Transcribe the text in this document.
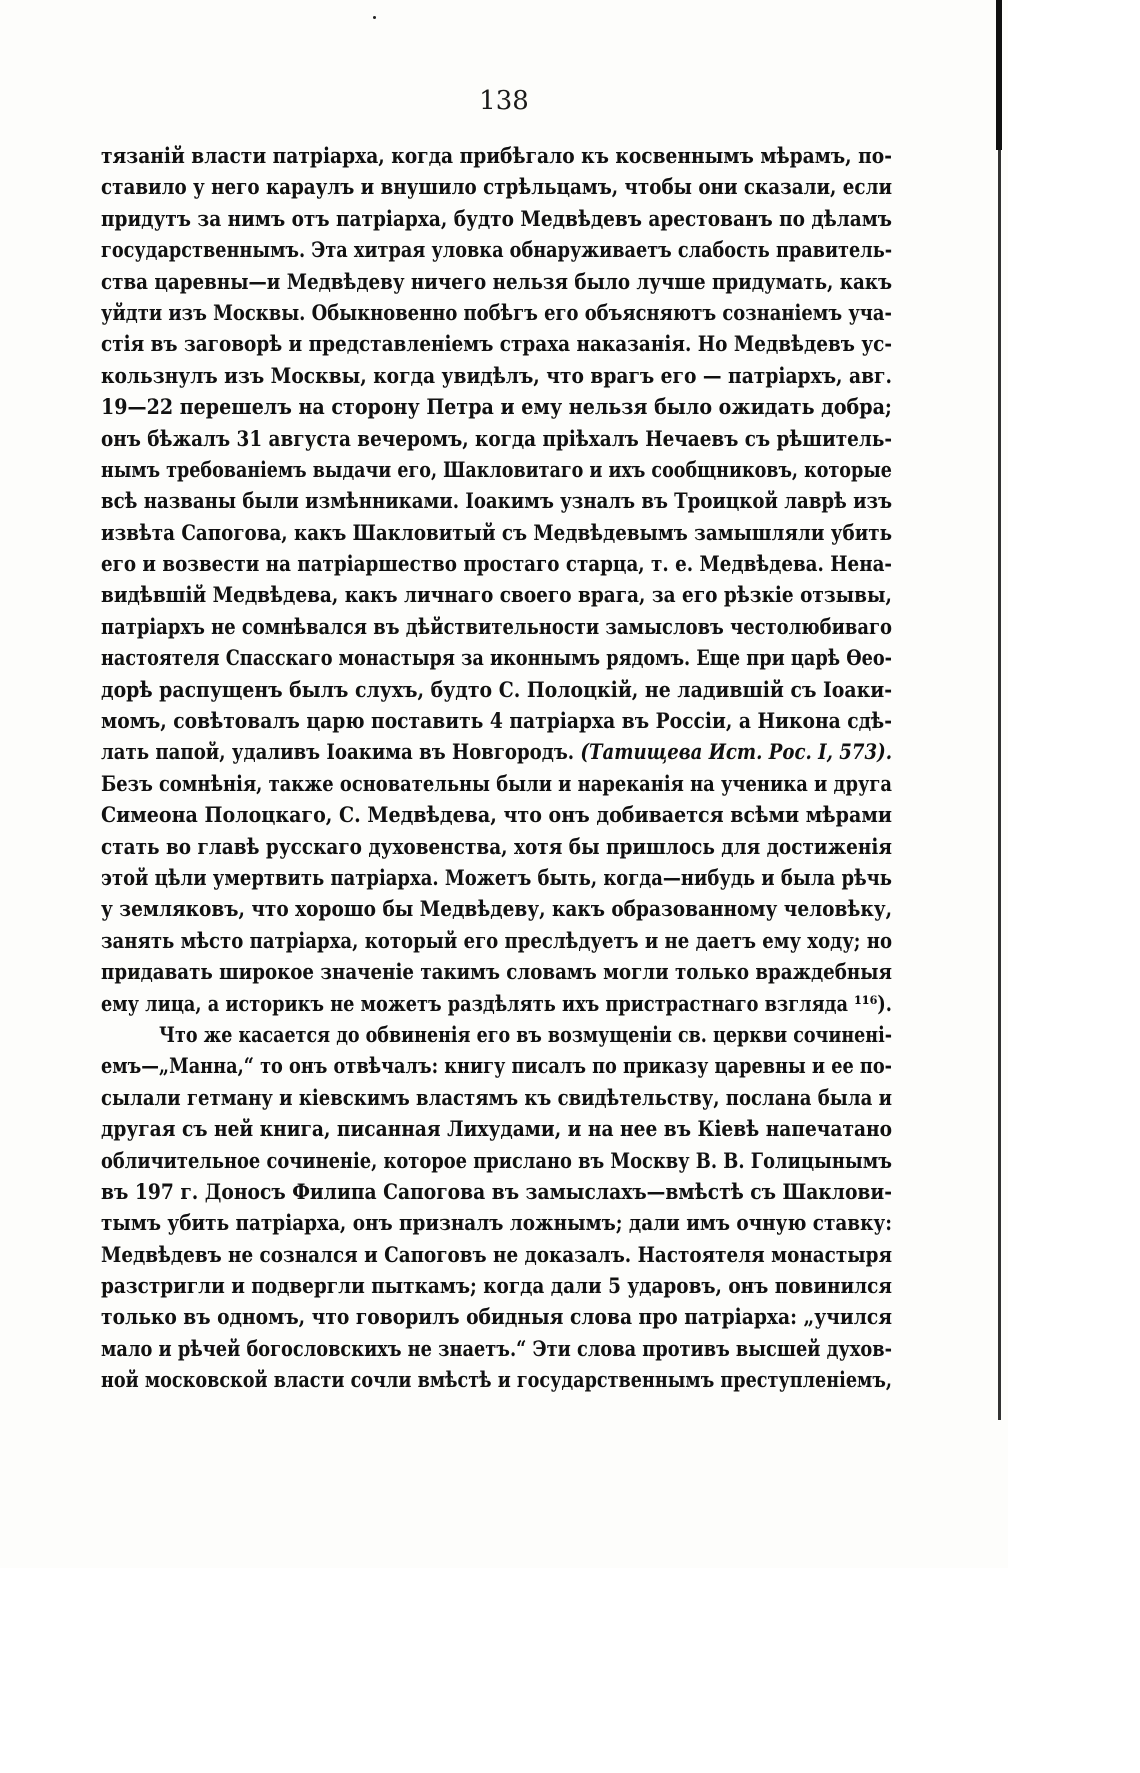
138
тязаній власти патріарха, когда прибѣгало къ косвеннымъ мѣрамъ, по-
ставило у него караулъ и внушило стрѣльцамъ, чтобы они сказали, если
придутъ за нимъ отъ патріарха, будто Медвѣдевъ арестованъ по дѣламъ
государственнымъ. Эта хитрая уловка обнаруживаетъ слабость правитель-
ства царевны—и Медвѣдеву ничего нельзя было лучше придумать, какъ
уйдти изъ Москвы. Обыкновенно побѣгъ его объясняютъ сознаніемъ уча-
стія въ заговорѣ и представленіемъ страха наказанія. Но Медвѣдевъ ус-
кользнулъ изъ Москвы, когда увидѣлъ, что врагъ его — патріархъ, авг.
19—22 перешелъ на сторону Петра и ему нельзя было ожидать добра;
онъ бѣжалъ 31 августа вечеромъ, когда пріѣхалъ Нечаевъ съ рѣшитель-
нымъ требованіемъ выдачи его, Шакловитаго и ихъ сообщниковъ, которые
всѣ названы были измѣнниками. Іоакимъ узналъ въ Троицкой лаврѣ изъ
извѣта Сапогова, какъ Шакловитый съ Медвѣдевымъ замышляли убить
его и возвести на патріаршество простаго старца, т. е. Медвѣдева. Нена-
видѣвшій Медвѣдева, какъ личнаго своего врага, за его рѣзкіе отзывы,
патріархъ не сомнѣвался въ дѣйствительности замысловъ честолюбиваго
настоятеля Спасскаго монастыря за иконнымъ рядомъ. Еще при царѣ Ѳео-
дорѣ распущенъ былъ слухъ, будто С. Полоцкій, не ладившій съ Іоаки-
момъ, совѣтовалъ царю поставить 4 патріарха въ Россіи, а Никона сдѣ-
лать папой, удаливъ Іоакима въ Новгородъ. (Татищева Ист. Рос. I, 573).
Безъ сомнѣнія, также основательны были и нареканія на ученика и друга
Симеона Полоцкаго, С. Медвѣдева, что онъ добивается всѣми мѣрами
стать во главѣ русскаго духовенства, хотя бы пришлось для достиженія
этой цѣли умертвить патріарха. Можетъ быть, когда—нибудь и была рѣчь
у земляковъ, что хорошо бы Медвѣдеву, какъ образованному человѣку,
занять мѣсто патріарха, который его преслѣдуетъ и не даетъ ему ходу; но
придавать широкое значеніе такимъ словамъ могли только враждебныя
ему лица, а историкъ не можетъ раздѣлять ихъ пристрастнаго взгляда ¹¹⁶).
Что же касается до обвиненія его въ возмущеніи св. церкви сочинені-
емъ—„Манна,“ то онъ отвѣчалъ: книгу писалъ по приказу царевны и ее по-
сылали гетману и кіевскимъ властямъ къ свидѣтельству, послана была и
другая съ ней книга, писанная Лихудами, и на нее въ Кіевѣ напечатано
обличительное сочиненіе, которое прислано въ Москву В. В. Голицынымъ
въ 197 г. Доносъ Филипа Сапогова въ замыслахъ—вмѣстѣ съ Шаклови-
тымъ убить патріарха, онъ призналъ ложнымъ; дали имъ очную ставку:
Медвѣдевъ не сознался и Сапоговъ не доказалъ. Настоятеля монастыря
разстригли и подвергли пыткамъ; когда дали 5 ударовъ, онъ повинился
только въ одномъ, что говорилъ обидныя слова про патріарха: „учился
мало и рѣчей богословскихъ не знаетъ.“ Эти слова противъ высшей духов-
ной московской власти сочли вмѣстѣ и государственнымъ преступленіемъ,
